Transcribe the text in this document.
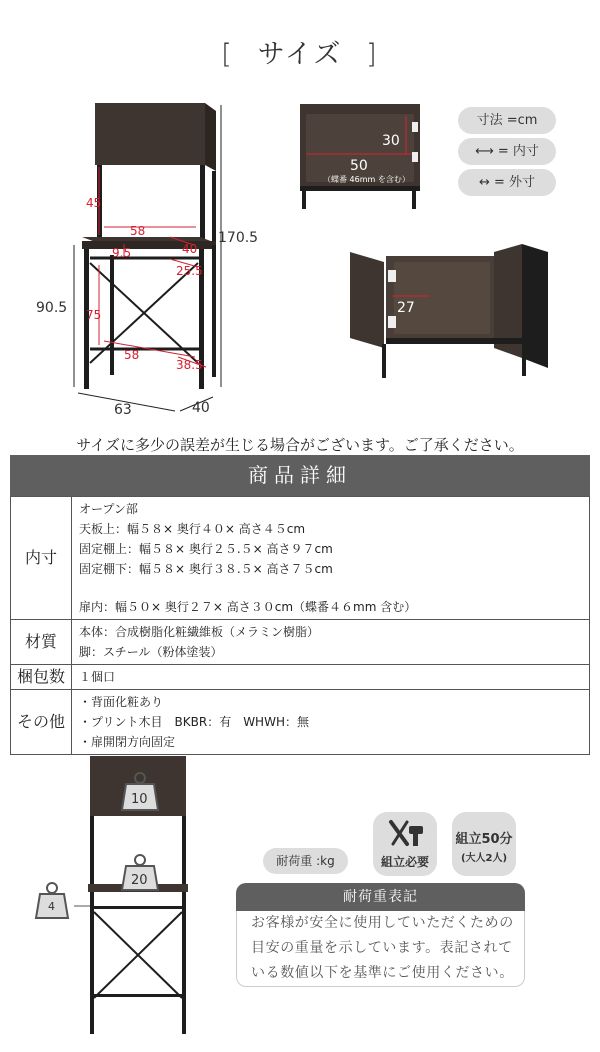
[ サイズ ]
170.5
90.5
63	40
45
58
40
9.5
25.5
75
58
38.5
30
50
（蝶番 46mm を含む）
寸法 =cm
⟷ = 内寸
↔ = 外寸
27
サイズに多少の誤差が生じる場合がございます。ご了承ください。
商品詳細
内寸	オープン部
天板上：幅５８× 奥行４０× 高さ４５cm
固定棚上：幅５８× 奥行２５.５× 高さ９７cm
固定棚下：幅５８× 奥行３８.５× 高さ７５cm
扉内：幅５０× 奥行２７× 高さ３０cm（蝶番４６mm 含む）

材質	本体：合成樹脂化粧繊維板（メラミン樹脂）
脚：スチール（粉体塗装）

梱包数	１個口

その他	・背面化粧あり
・プリント木目　BKBR：有　WHWH：無
・扉開閉方向固定
10
20
4
耐荷重 :kg	組立必要
組立50分
(大人2人)
耐荷重表記
お客様が安全に使用していただくための
目安の重量を示しています。表記されて
いる数値以下を基準にご使用ください。
